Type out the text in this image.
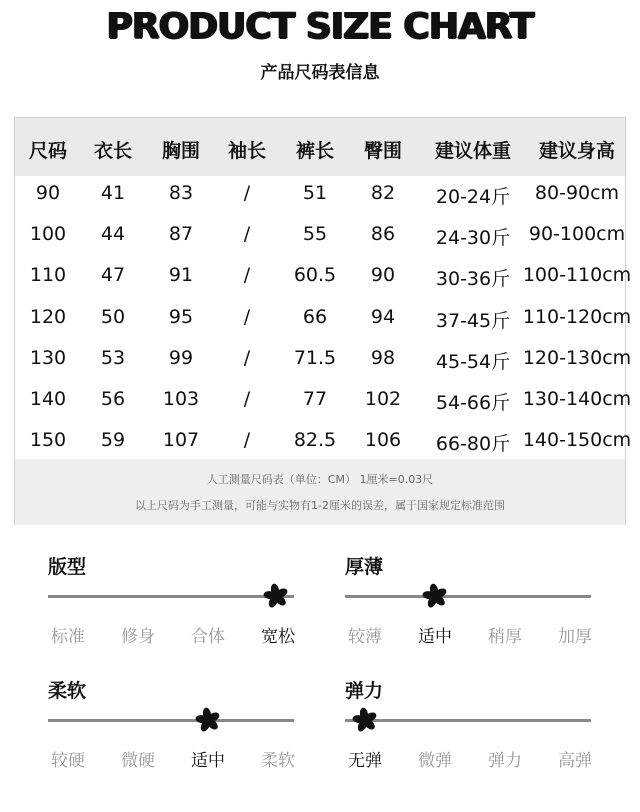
PRODUCT SIZE CHART
产品尺码表信息
尺码	衣长	胸围	袖长	裤长	臀围	建议体重	建议身高
90	41	83	/	51	82	20-24斤	80-90cm
100	44	87	/	55	86	24-30斤 90-100cm
110	47	91	/	60.5	90	30-36斤 100-110cm
120	50	95	/	66	94	37-45斤 110-120cm
130	53	99	/	71.5	98	45-54斤 120-130cm
140	56	103	/	77	102	54-66斤 130-140cm
150	59	107	/	82.5	106	66-80斤 140-150cm
人工测量尺码表（单位：CM） 1厘米=0.03尺
以上尺码为手工测量，可能与实物有1-2厘米的误差，属于国家规定标准范围
版型
标准	修身	合体	宽松
厚薄
较薄	适中	稍厚	加厚
柔软
较硬	微硬	适中	柔软
弹力
无弹	微弹	弹力	高弹
